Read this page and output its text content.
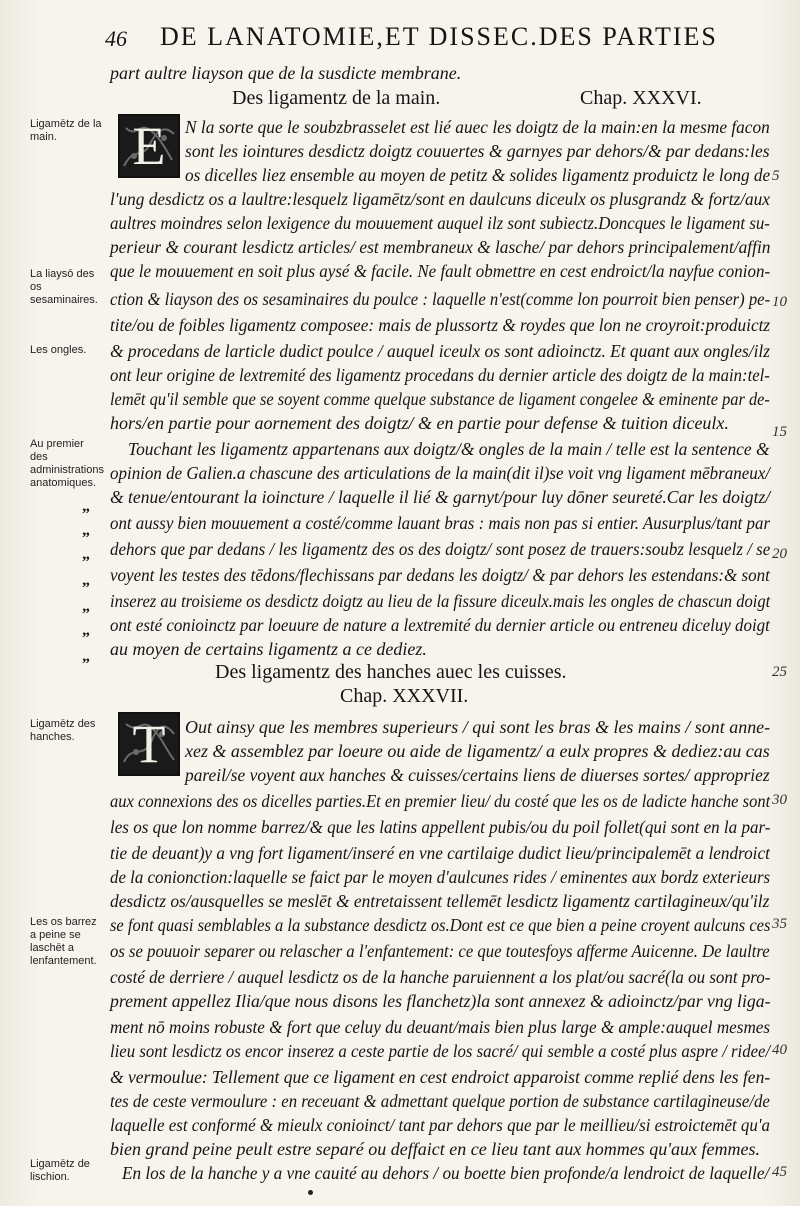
46 DE LANATOMIE,ET DISSEC.DES PARTIES
part aultre liayson que de la susdicte membrane.
Des ligamentz de la main.	Chap. XXXVI.
E	N la sorte que le soubzbrasselet est lié auec les doigtz de la main:en la mesme facon
sont les iointures desdictz doigtz couuertes & garnyes par dehors/& par dedans:les
os dicelles liez ensemble au moyen de petitz & solides ligamentz produictz le long de
l'ung desdictz os a laultre:lesquelz ligamētz/sont en daulcuns diceulx os plusgrandz & fortz/aux
aultres moindres selon lexigence du mouuement auquel ilz sont subiectz.Doncques le ligament su-
perieur & courant lesdictz articles/ est membraneux & lasche/ par dehors principalement/affin
que le mouuement en soit plus aysé & facile. Ne fault obmettre en cest endroict/la nayfue conion-
ction & liayson des os sesaminaires du poulce : laquelle n'est(comme lon pourroit bien penser) pe-
tite/ou de foibles ligamentz composee: mais de plussortz & roydes que lon ne croyroit:produictz
& procedans de larticle dudict poulce / auquel iceulx os sont adioinctz. Et quant aux ongles/ilz
ont leur origine de lextremité des ligamentz procedans du dernier article des doigtz de la main:tel-
lemēt qu'il semble que se soyent comme quelque substance de ligament congelee & eminente par de-
hors/en partie pour aornement des doigtz/ & en partie pour defense & tuition diceulx.
Touchant les ligamentz appartenans aux doigtz/& ongles de la main / telle est la sentence &
opinion de Galien.a chascune des articulations de la main(dit il)se voit vng ligament mēbraneux/
& tenue/entourant la ioincture / laquelle il lié & garnyt/pour luy dōner seureté.Car les doigtz/
ont aussy bien mouuement a costé/comme lauant bras : mais non pas si entier. Ausurplus/tant par
dehors que par dedans / les ligamentz des os des doigtz/ sont posez de trauers:soubz lesquelz / se
voyent les testes des tēdons/flechissans par dedans les doigtz/ & par dehors les estendans:& sont
inserez au troisieme os desdictz doigtz au lieu de la fissure diceulx.mais les ongles de chascun doigt
ont esté conioinctz par loeuure de nature a lextremité du dernier article ou entreneu diceluy doigt
au moyen de certains ligamentz a ce dediez.
Des ligamentz des hanches auec les cuisses.
Chap. XXXVII.
T	Out ainsy que les membres superieurs / qui sont les bras & les mains / sont anne-
xez & assemblez par loeure ou aide de ligamentz/ a eulx propres & dediez:au cas
pareil/se voyent aux hanches & cuisses/certains liens de diuerses sortes/ appropriez
aux connexions des os dicelles parties.Et en premier lieu/ du costé que les os de ladicte hanche sont
les os que lon nomme barrez/& que les latins appellent pubis/ou du poil follet(qui sont en la par-
tie de deuant)y a vng fort ligament/inseré en vne cartilaige dudict lieu/principalemēt a lendroict
de la conionction:laquelle se faict par le moyen d'aulcunes rides / eminentes aux bordz exterieurs
desdictz os/ausquelles se meslēt & entretaissent tellemēt lesdictz ligamentz cartilagineux/qu'ilz
se font quasi semblables a la substance desdictz os.Dont est ce que bien a peine croyent aulcuns ces
os se pouuoir separer ou relascher a l'enfantement: ce que toutesfoys afferme Auicenne. De laultre
costé de derriere / auquel lesdictz os de la hanche paruiennent a los plat/ou sacré(la ou sont pro-
prement appellez Ilia/que nous disons les flanchetz)la sont annexez & adioinctz/par vng liga-
ment nō moins robuste & fort que celuy du deuant/mais bien plus large & ample:auquel mesmes
lieu sont lesdictz os encor inserez a ceste partie de los sacré/ qui semble a costé plus aspre / ridee/
& vermoulue: Tellement que ce ligament en cest endroict apparoist comme replié dens les fen-
tes de ceste vermoulure : en receuant & admettant quelque portion de substance cartilagineuse/de
laquelle est conformé & mieulx conioinct/ tant par dehors que par le meillieu/si estroictemēt qu'a
bien grand peine peult estre separé ou deffaict en ce lieu tant aux hommes qu'aux femmes.
En los de la hanche y a vne cauité au dehors / ou boette bien profonde/a lendroict de laquelle/
Ligamētz de la main.
La liaysō des os sesaminaires.
Les ongles.
Au premier des administrations anatomiques.
Ligamētz des hanches.
Les os barrez a peine se laschēt a lenfantement.
Ligamētz de lischion.
„
„
„
„
„
„
„
5
10
15
20
25
30
35
40
45
